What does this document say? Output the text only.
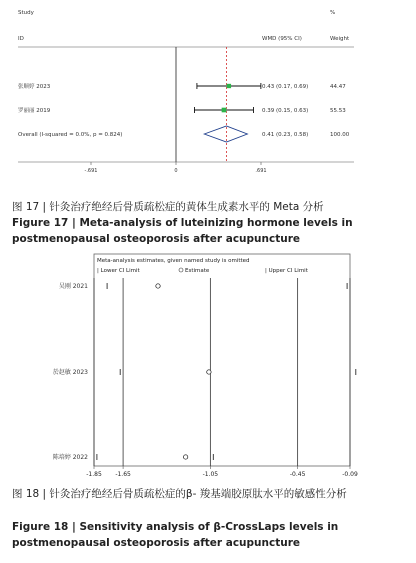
Study	%
ID	WMD (95% CI)	Weight
张顺婷 2023	0.43 (0.17, 0.69)	44.47
罗丽丽 2019	0.39 (0.15, 0.63)	55.53
Overall (I-squared = 0.0%, p = 0.824)	0.41 (0.23, 0.58)	100.00
-.691	0	.691
图 17 | 针灸治疗绝经后骨质疏松症的黄体生成素水平的 Meta 分析
Figure 17 | Meta-analysis of luteinizing hormone levels in postmenopausal osteoporosis after acupuncture
Meta-analysis estimates, given named study is omitted
| Lower CI Limit	Estimate	| Upper CI Limit
吴刚 2021
於赵敏 2023
陈培婷 2022
-1.85 -1.65	-1.05	-0.45	-0.09
图 18 | 针灸治疗绝经后骨质疏松症的β- 羧基端胶原肽水平的敏感性分析
Figure 18 | Sensitivity analysis of β-CrossLaps levels in postmenopausal osteoporosis after acupuncture
